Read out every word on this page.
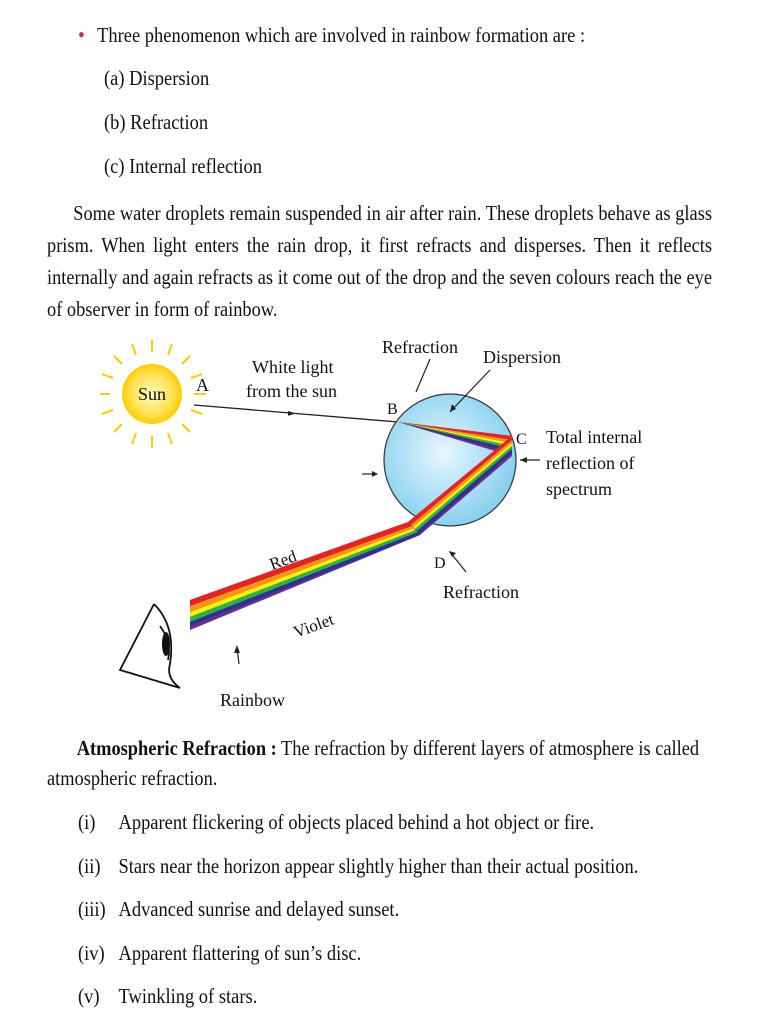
• Three phenomenon which are involved in rainbow formation are :
(a) Dispersion
(b) Refraction
(c) Internal reflection
Some water droplets remain suspended in air after rain. These droplets behave as glass prism. When light enters the rain drop, it first refracts and disperses. Then it reflects internally and again refracts as it come out of the drop and the seven colours reach the eye of observer in form of rainbow.
Sun A
White light
from the sun
Refraction Dispersion
B
C Total internal
reflection of
spectrum
D
Refraction
Red
Violet
Rainbow
Atmospheric Refraction : The refraction by different layers of atmosphere is called atmospheric refraction.
(i) Apparent flickering of objects placed behind a hot object or fire.
(ii) Stars near the horizon appear slightly higher than their actual position.
(iii) Advanced sunrise and delayed sunset.
(iv) Apparent flattering of sun’s disc.
(v) Twinkling of stars.
